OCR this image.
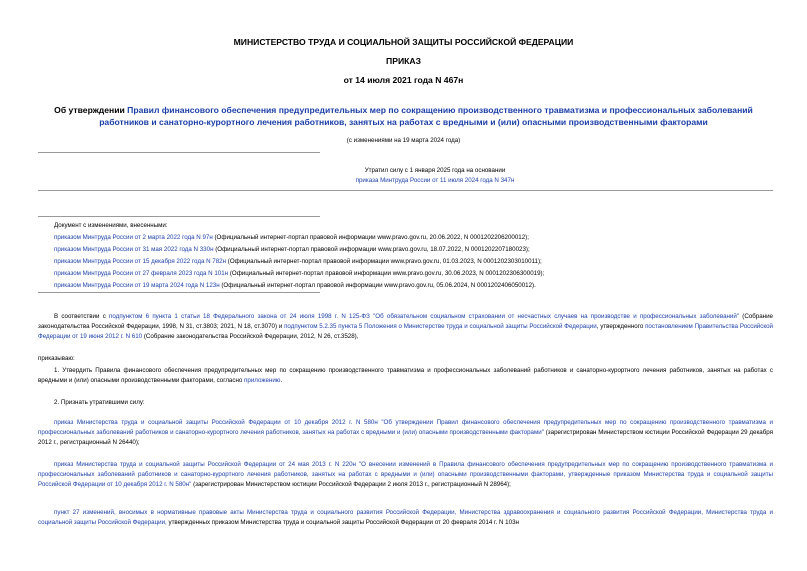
МИНИСТЕРСТВО ТРУДА И СОЦИАЛЬНОЙ ЗАЩИТЫ РОССИЙСКОЙ ФЕДЕРАЦИИ
ПРИКАЗ
от 14 июля 2021 года N 467н
Об утверждении Правил финансового обеспечения предупредительных мер по сокращению производственного травматизма и профессиональных заболеваний работников и санаторно-курортного лечения работников, занятых на работах с вредными и (или) опасными производственными факторами
(с изменениями на 19 марта 2024 года)
Утратил силу с 1 января 2025 года на основании
приказа Минтруда России от 11 июля 2024 года N 347н
Документ с изменениями, внесенными:
приказом Минтруда России от 2 марта 2022 года N 97н (Официальный интернет-портал правовой информации www.pravo.gov.ru, 20.06.2022, N 0001202206200012);
приказом Минтруда России от 31 мая 2022 года N 330н (Официальный интернет-портал правовой информации www.pravo.gov.ru, 18.07.2022, N 0001202207180023);
приказом Минтруда России от 15 декабря 2022 года N 782н (Официальный интернет-портал правовой информации www.pravo.gov.ru, 01.03.2023, N 0001202303010011);
приказом Минтруда России от 27 февраля 2023 года N 101н (Официальный интернет-портал правовой информации www.pravo.gov.ru, 30.06.2023, N 0001202306300019);
приказом Минтруда России от 19 марта 2024 года N 123н (Официальный интернет-портал правовой информации www.pravo.gov.ru, 05.06.2024, N 0001202406050012).

В соответствии с подпунктом 6 пункта 1 статьи 18 Федерального закона от 24 июля 1998 г. N 125-ФЗ "Об обязательном социальном страховании от несчастных случаев на производстве и профессиональных заболеваний" (Собрание законодательства Российской Федерации, 1998, N 31, ст.3803; 2021, N 18, ст.3070) и подпунктом 5.2.35 пункта 5 Положения о Министерстве труда и социальной защиты Российской Федерации, утвержденного постановлением Правительства Российской Федерации от 19 июня 2012 г. N 610 (Собрание законодательства Российской Федерации, 2012, N 26, ст.3528),

приказываю:

1. Утвердить Правила финансового обеспечения предупредительных мер по сокращению производственного травматизма и профессиональных заболеваний работников и санаторно-курортного лечения работников, занятых на работах с вредными и (или) опасными производственными факторами, согласно приложению.

2. Признать утратившими силу:

приказ Министерства труда и социальной защиты Российской Федерации от 10 декабря 2012 г. N 580н "Об утверждении Правил финансового обеспечения предупредительных мер по сокращению производственного травматизма и профессиональных заболеваний работников и санаторно-курортного лечения работников, занятых на работах с вредными и (или) опасными производственными факторами" (зарегистрирован Министерством юстиции Российской Федерации 29 декабря 2012 г., регистрационный N 26440);

приказ Министерства труда и социальной защиты Российской Федерации от 24 мая 2013 г. N 220н "О внесении изменений в Правила финансового обеспечения предупредительных мер по сокращению производственного травматизма и профессиональных заболеваний работников и санаторно-курортного лечения работников, занятых на работах с вредными и (или) опасными производственными факторами, утвержденные приказом Министерства труда и социальной защиты Российской Федерации от 10 декабря 2012 г. N 580н" (зарегистрирован Министерством юстиции Российской Федерации 2 июля 2013 г., регистрационный N 28964);

пункт 27 изменений, вносимых в нормативные правовые акты Министерства труда и социального развития Российской Федерации, Министерства здравоохранения и социального развития Российской Федерации, Министерства труда и социальной защиты Российской Федерации, утвержденных приказом Министерства труда и социальной защиты Российской Федерации от 20 февраля 2014 г. N 103н
